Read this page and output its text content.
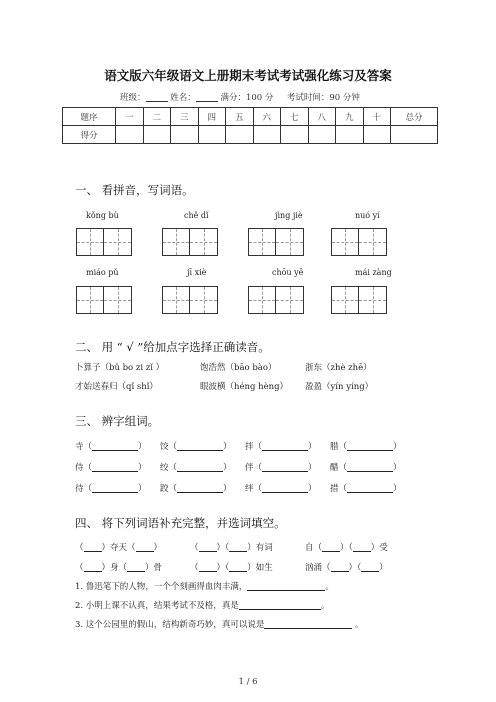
语文版六年级语文上册期末考试考试强化练习及答案
班级：	姓名：	满分：100 分 考试时间：90 分钟
题序	一	二	三	四	五	六	七	八	九	十	总分
得分											
一、 看拼音，写词语。
kǒng bù	chě dǐ	jìng jiè	nuó yí
miáo pǔ	jī xiè	chōu yē	mái zàng
二、 用 “ √ ”给加点字选择正确读音。
卜算子（bǔ bo zi zǐ ）	饱浩然（bāo bào）	浙东（zhè zhē）
才始送春归（qǐ shǐ）	眼波横（héng hèng） 盈盈（yín yíng）
三、 辨字组词。
寺（	） 饺（	） 拌（	） 腊（	）
侍（	） 绞（	） 伴（	） 醋（	）
待（	） 跤（	） 绊（	） 措（	）
四、 将下列词语补充完整，并选词填空。
（ ）夺天（ ）	（ ）（ ）有词	自（ ）（ ）受
（ ）身（ ）骨	（ ）（ ）如生	汹涌（ ）（ ）
1. 鲁迅笔下的人物，一个个刻画得血肉丰满，	。
2. 小明上课不认真，结果考试不及格，真是	。
3. 这个公园里的假山，结构新奇巧妙，真可以说是	。
1 / 6
